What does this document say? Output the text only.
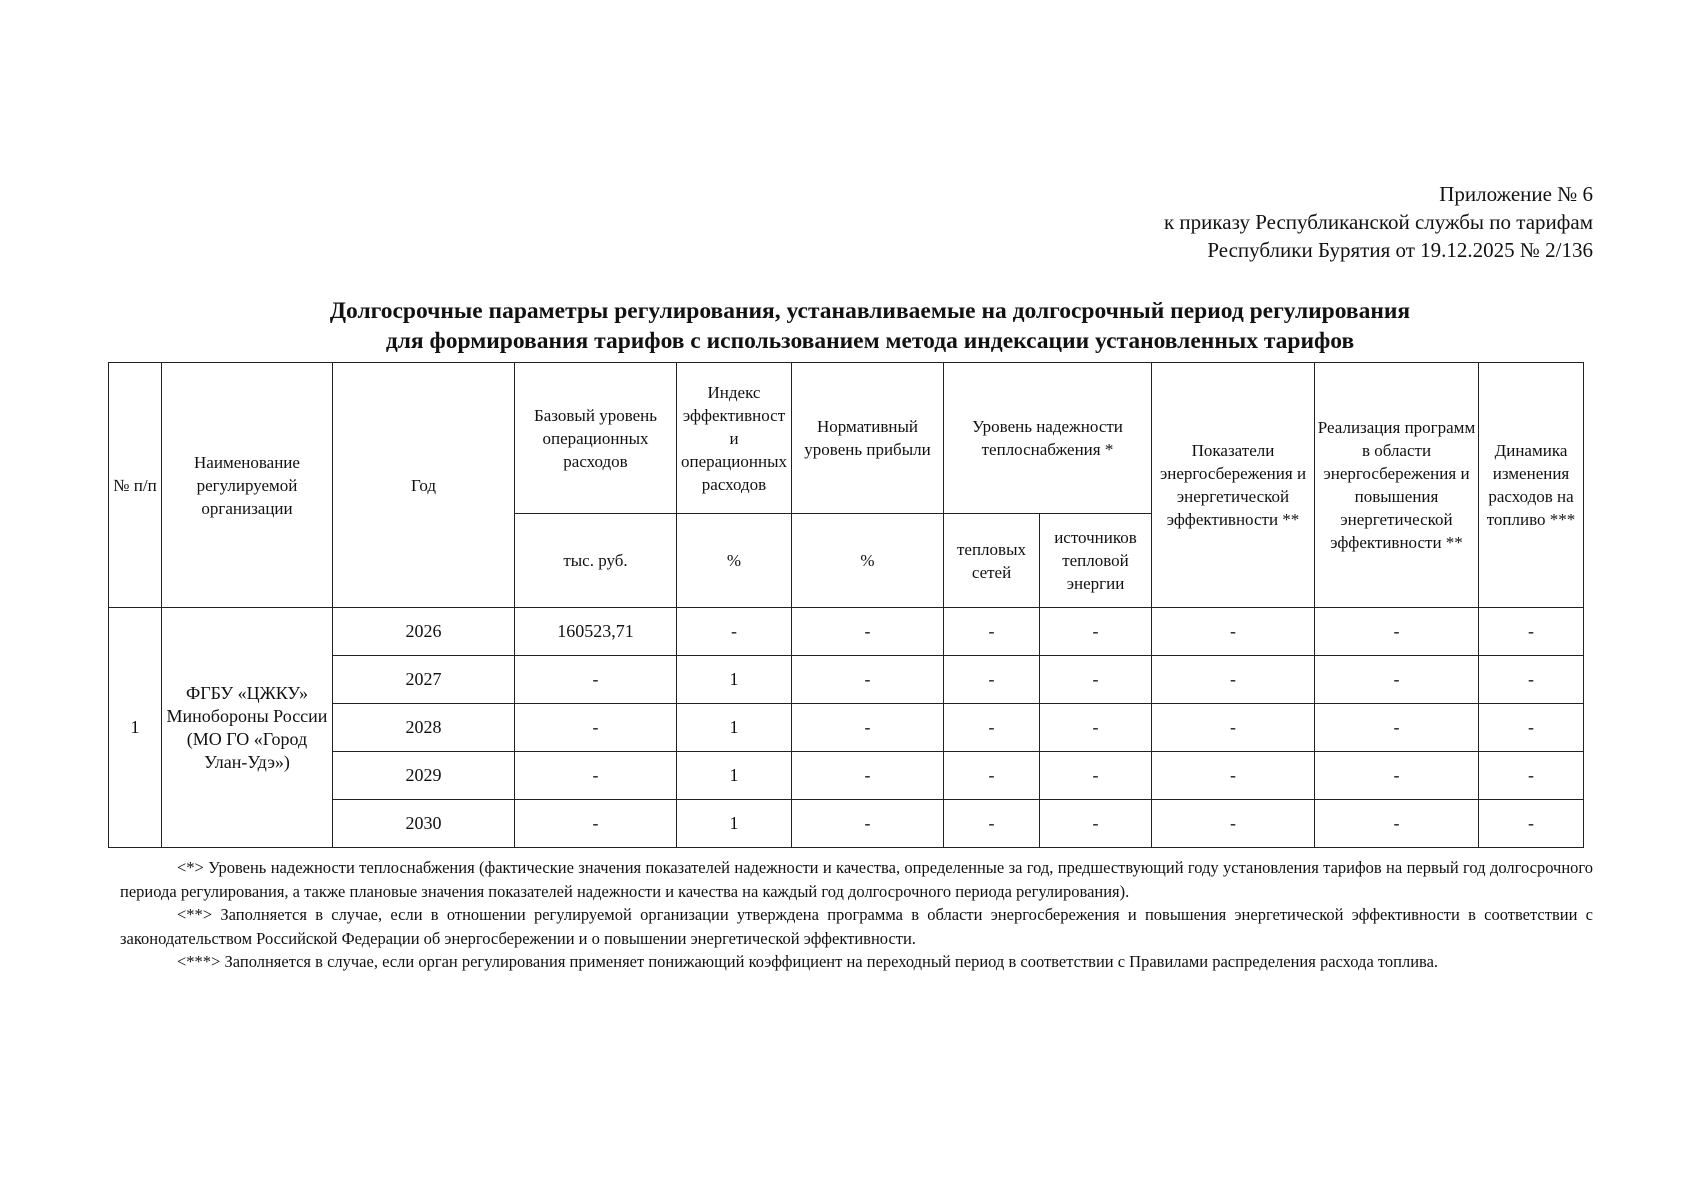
Приложение № 6
к приказу Республиканской службы по тарифам
Республики Бурятия от 19.12.2025 № 2/136
Долгосрочные параметры регулирования, устанавливаемые на долгосрочный период регулирования
для формирования тарифов с использованием метода индексации установленных тарифов
№ п/п	Наименование регулируемой организации	Год	Базовый уровень операционных расходов	Индекс эффективности операционных расходов	Нормативный уровень прибыли	Уровень надежности теплоснабжения *		Показатели энергосбережения и энергетической эффективности **	Реализация программ в области энергосбережения и повышения энергетической эффективности **	Динамика изменения расходов на топливо ***
			тыс. руб.	%	%	тепловых сетей	источников тепловой энергии			
1	ФГБУ «ЦЖКУ» Минобороны России (МО ГО «Город Улан-Удэ»)	2026	160523,71	-	-	-	-	-	-	-
		2027	-	1	-	-	-	-	-	-
		2028	-	1	-	-	-	-	-	-
		2029	-	1	-	-	-	-	-	-
		2030	-	1	-	-	-	-	-	-

<*> Уровень надежности теплоснабжения (фактические значения показателей надежности и качества, определенные за год, предшествующий году установления тарифов на первый год долгосрочного периода регулирования, а также плановые значения показателей надежности и качества на каждый год долгосрочного периода регулирования).

<**> Заполняется в случае, если в отношении регулируемой организации утверждена программа в области энергосбережения и повышения энергетической эффективности в соответствии с законодательством Российской Федерации об энергосбережении и о повышении энергетической эффективности.

<***> Заполняется в случае, если орган регулирования применяет понижающий коэффициент на переходный период в соответствии с Правилами распределения расхода топлива.
